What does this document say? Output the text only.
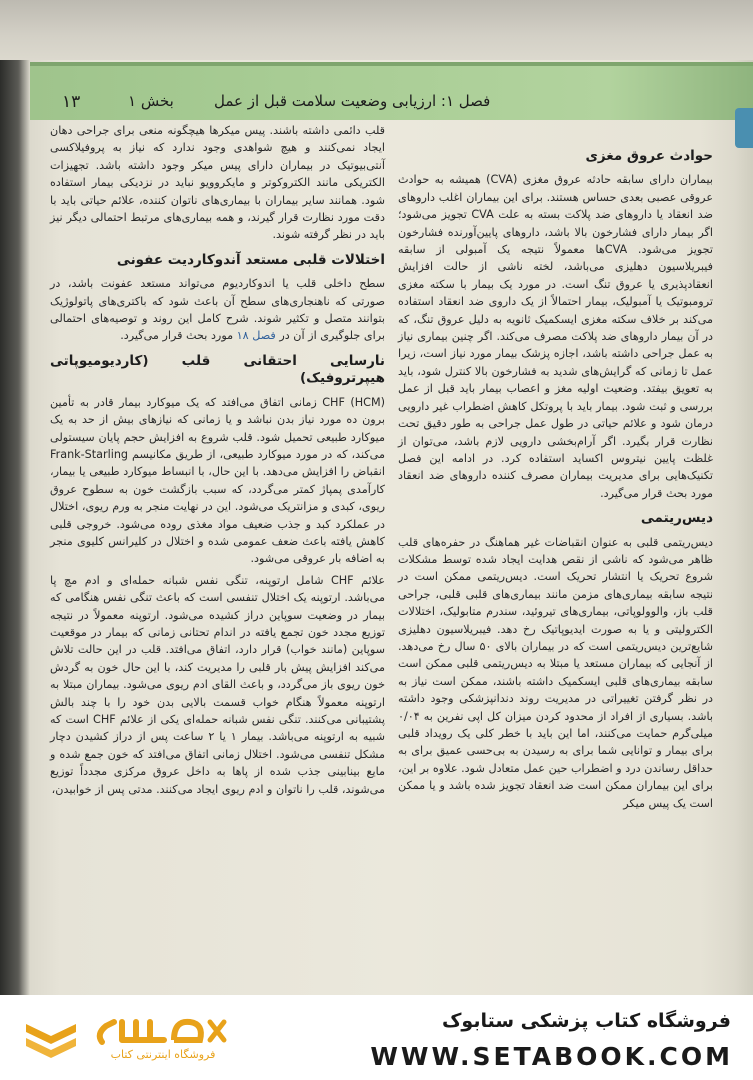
۱۳	بخش ۱	فصل ۱: ارزیابی وضعیت سلامت قبل از عمل

قلب دائمی داشته باشند. پیس میکرها هیچگونه منعی برای جراحی دهان ایجاد نمی‌کنند و هیچ شواهدی وجود ندارد که نیاز به پروفیلاکسی آنتی‌بیوتیک در بیماران دارای پیس میکر وجود داشته باشد. تجهیزات الکتریکی مانند الکتروکوتر و مایکروویو نباید در نزدیکی بیمار استفاده شود. همانند سایر بیماران با بیماری‌های ناتوان کننده، علائم حیاتی باید با دقت مورد نظارت قرار گیرند، و همه بیماری‌های مرتبط احتمالی دیگر نیز باید در نظر گرفته شوند.

اختلالات قلبی مستعد آندوکاردیت عفونی

سطح داخلی قلب یا اندوکاردیوم می‌تواند مستعد عفونت باشد، در صورتی که ناهنجاری‌های سطح آن باعث شود که باکتری‌های پاتولوژیک بتوانند متصل و تکثیر شوند. شرح کامل این روند و توصیه‌های احتمالی برای جلوگیری از آن در فصل ۱۸ مورد بحث قرار می‌گیرد.

نارسایی احتقانی قلب (کاردیومیوپاتی هیپرتروفیک)

CHF (HCM) زمانی اتفاق می‌افتد که یک میوکارد بیمار قادر به تأمین برون ده مورد نیاز بدن نباشد و یا زمانی که نیازهای بیش از حد به یک میوکارد طبیعی تحمیل شود. قلب شروع به افزایش حجم پایان سیستولی می‌کند، که در مورد میوکارد طبیعی، از طریق مکانیسم Frank-Starling انقباض را افزایش می‌دهد. با این حال، با انبساط میوکارد طبیعی یا بیمار، کارآمدی پمپاژ کمتر می‌گردد، که سبب بازگشت خون به سطوح عروق ریوی، کبدی و مزانتریک می‌شود. این در نهایت منجر به ورم ریوی، اختلال در عملکرد کبد و جذب ضعیف مواد مغذی روده می‌شود. خروجی قلبی کاهش یافته باعث ضعف عمومی شده و اختلال در کلیرانس کلیوی منجر به اضافه بار عروقی می‌شود.

علائم CHF شامل ارتوپنه، تنگی نفس شبانه حمله‌ای و ادم مچ پا می‌باشد. ارتوپنه یک اختلال تنفسی است که باعث تنگی نفس هنگامی که بیمار در وضعیت سوپاین دراز کشیده می‌شود. ارتوپنه معمولاً در نتیجه توزیع مجدد خون تجمع یافته در اندام تحتانی زمانی که بیمار در موقعیت سوپاین (مانند خواب) قرار دارد، اتفاق می‌افتد. قلب در این حالت تلاش می‌کند افزایش پیش بار قلبی را مدیریت کند، با این حال خون به گردش خون ریوی باز می‌گردد، و باعث القای ادم ریوی می‌شود. بیماران مبتلا به ارتوپنه معمولاً هنگام خواب قسمت بالایی بدن خود را با چند بالش پشتیبانی می‌کنند. تنگی نفس شبانه حمله‌ای یکی از علائم CHF است که شبیه به ارتوپنه می‌باشد. بیمار ۱ یا ۲ ساعت پس از دراز کشیدن دچار مشکل تنفسی می‌شود. اختلال زمانی اتفاق می‌افتد که خون جمع شده و مایع بینابینی جذب شده از پاها به داخل عروق مرکزی مجدداً توزیع می‌شوند، قلب را ناتوان و ادم ریوی ایجاد می‌کنند. مدتی پس از خوابیدن،

حوادث عروق مغزی

بیماران دارای سابقه حادثه عروق مغزی (CVA) همیشه به حوادث عروقی عصبی بعدی حساس هستند. برای این بیماران اغلب داروهای ضد انعقاد یا داروهای ضد پلاکت بسته به علت CVA تجویز می‌شود؛ اگر بیمار دارای فشارخون بالا باشد، داروهای پایین‌آورنده فشارخون تجویز می‌شود. CVAها معمولاً نتیجه یک آمبولی از سابقه فیبریلاسیون دهلیزی می‌باشد، لخته ناشی از حالت افزایش انعقادپذیری یا عروق تنگ است. در مورد یک بیمار با سکته مغزی ترومبوتیک یا آمبولیک، بیمار احتمالاً از یک داروی ضد انعقاد استفاده می‌کند بر خلاف سکته مغزی ایسکمیک ثانویه به دلیل عروق تنگ، که در آن بیمار داروهای ضد پلاکت مصرف می‌کند. اگر چنین بیماری نیاز به عمل جراحی داشته باشد، اجازه پزشک بیمار مورد نیاز است، زیرا عمل تا زمانی که گرایش‌های شدید به فشارخون بالا کنترل شود، باید به تعویق بیفتد. وضعیت اولیه مغز و اعصاب بیمار باید قبل از عمل بررسی و ثبت شود. بیمار باید با پروتکل کاهش اضطراب غیر دارویی درمان شود و علائم حیاتی در طول عمل جراحی به طور دقیق تحت نظارت قرار بگیرد. اگر آرام‌بخشی دارویی لازم باشد، می‌توان از غلظت پایین نیتروس اکساید استفاده کرد. در ادامه این فصل تکنیک‌هایی برای مدیریت بیماران مصرف کننده داروهای ضد انعقاد مورد بحث قرار می‌گیرد.

دیس‌ریتمی

دیس‌ریتمی قلبی به عنوان انقباضات غیر هماهنگ در حفره‌های قلب ظاهر می‌شود که ناشی از نقص هدایت ایجاد شده توسط مشکلات شروع تحریک یا انتشار تحریک است. دیس‌ریتمی ممکن است در نتیجه سابقه بیماری‌های مزمن مانند بیماری‌های قلبی قلبی، جراحی قلب باز، والوولوپاتی، بیماری‌های تیروئید، سندرم متابولیک، اختلالات الکترولیتی و یا به صورت ایدیوپاتیک رخ دهد. فیبریلاسیون دهلیزی شایع‌ترین دیس‌ریتمی است که در بیماران بالای ۵۰ سال رخ می‌دهد. از آنجایی که بیماران مستعد یا مبتلا به دیس‌ریتمی قلبی ممکن است سابقه بیماری‌های قلبی ایسکمیک داشته باشند، ممکن است نیاز به در نظر گرفتن تغییراتی در مدیریت روند دندانپزشکی وجود داشته باشد. بسیاری از افراد از محدود کردن میزان کل اپی نفرین به ۰/۰۴ میلی‌گرم حمایت می‌کنند، اما این باید با خطر کلی یک رویداد قلبی برای بیمار و توانایی شما برای به رسیدن به بی‌حسی عمیق برای به حداقل رساندن درد و اضطراب حین عمل متعادل شود. علاوه بر این، برای این بیماران ممکن است ضد انعقاد تجویز شده باشد و یا ممکن است یک پیس میکر

فروشگاه اینترنتی کتاب
فروشگاه کتاب پزشکی ستابوک
WWW.SETABOOK.COM
